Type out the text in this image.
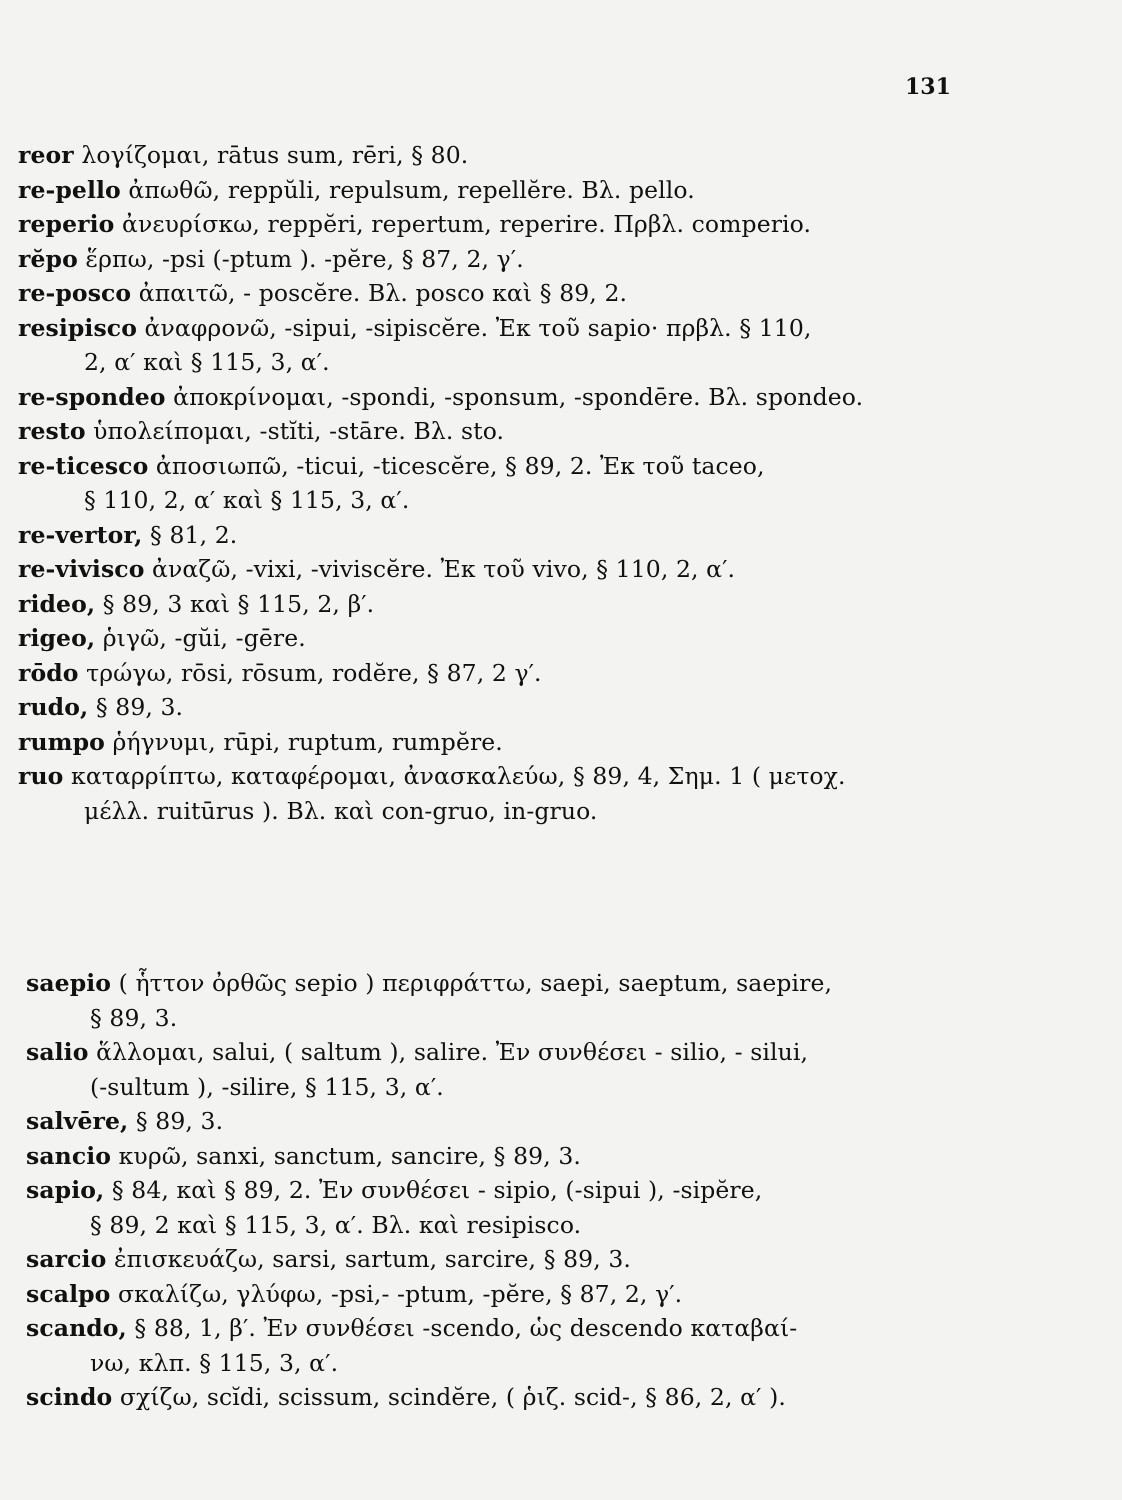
131
reor λογίζομαι, rātus sum, rēri, § 80.
re-pello ἀπωθῶ, reppŭli, repulsum, repellĕre. Βλ. pello.
reperio ἀνευρίσκω, reppĕri, repertum, reperire. Πρβλ. comperio.
rĕpo ἕρπω, -psi (-ptum ). -pĕre, § 87, 2, γ′.
re-posco ἀπαιτῶ, - poscĕre. Βλ. posco καὶ § 89, 2.
resipisco ἀναφρονῶ, -sipui, -sipiscĕre. Ἐκ τοῦ sapio· πρβλ. § 110,
2, α′ καὶ § 115, 3, α′.
re-spondeo ἀποκρίνομαι, -spondi, -sponsum, -spondēre. Βλ. spondeo.
resto ὑπολείπομαι, -stĭti, -stāre. Βλ. sto.
re-ticesco ἀποσιωπῶ, -ticui, -ticescĕre, § 89, 2. Ἐκ τοῦ taceo,
§ 110, 2, α′ καὶ § 115, 3, α′.
re-vertor, § 81, 2.
re-vivisco ἀναζῶ, -vixi, -viviscĕre. Ἐκ τοῦ vivo, § 110, 2, α′.
rideo, § 89, 3 καὶ § 115, 2, β′.
rigeo, ῥιγῶ, -gŭi, -gēre.
rōdo τρώγω, rōsi, rōsum, rodĕre, § 87, 2 γ′.
rudo, § 89, 3.
rumpo ῥήγνυμι, rūpi, ruptum, rumpĕre.
ruo καταρρίπτω, καταφέρομαι, ἀνασκαλεύω, § 89, 4, Σημ. 1 ( μετοχ.
μέλλ. ruitūrus ). Βλ. καὶ con-gruo, in-gruo.
saepio ( ἧττον ὀρθῶς sepio ) περιφράττω, saepi, saeptum, saepire,
§ 89, 3.
salio ἅλλομαι, salui, ( saltum ), salire. Ἐν συνθέσει - silio, - silui,
(-sultum ), -silire, § 115, 3, α′.
salvēre, § 89, 3.
sancio κυρῶ, sanxi, sanctum, sancire, § 89, 3.
sapio, § 84, καὶ § 89, 2. Ἐν συνθέσει - sipio, (-sipui ), -sipĕre,
§ 89, 2 καὶ § 115, 3, α′. Βλ. καὶ resipisco.
sarcio ἐπισκευάζω, sarsi, sartum, sarcire, § 89, 3.
scalpo σκαλίζω, γλύφω, -psi,- -ptum, -pĕre, § 87, 2, γ′.
scando, § 88, 1, β′. Ἐν συνθέσει -scendo, ὡς descendo καταβαί-
νω, κλπ. § 115, 3, α′.
scindo σχίζω, scĭdi, scissum, scindĕre, ( ῥιζ. scid-, § 86, 2, α′ ).
